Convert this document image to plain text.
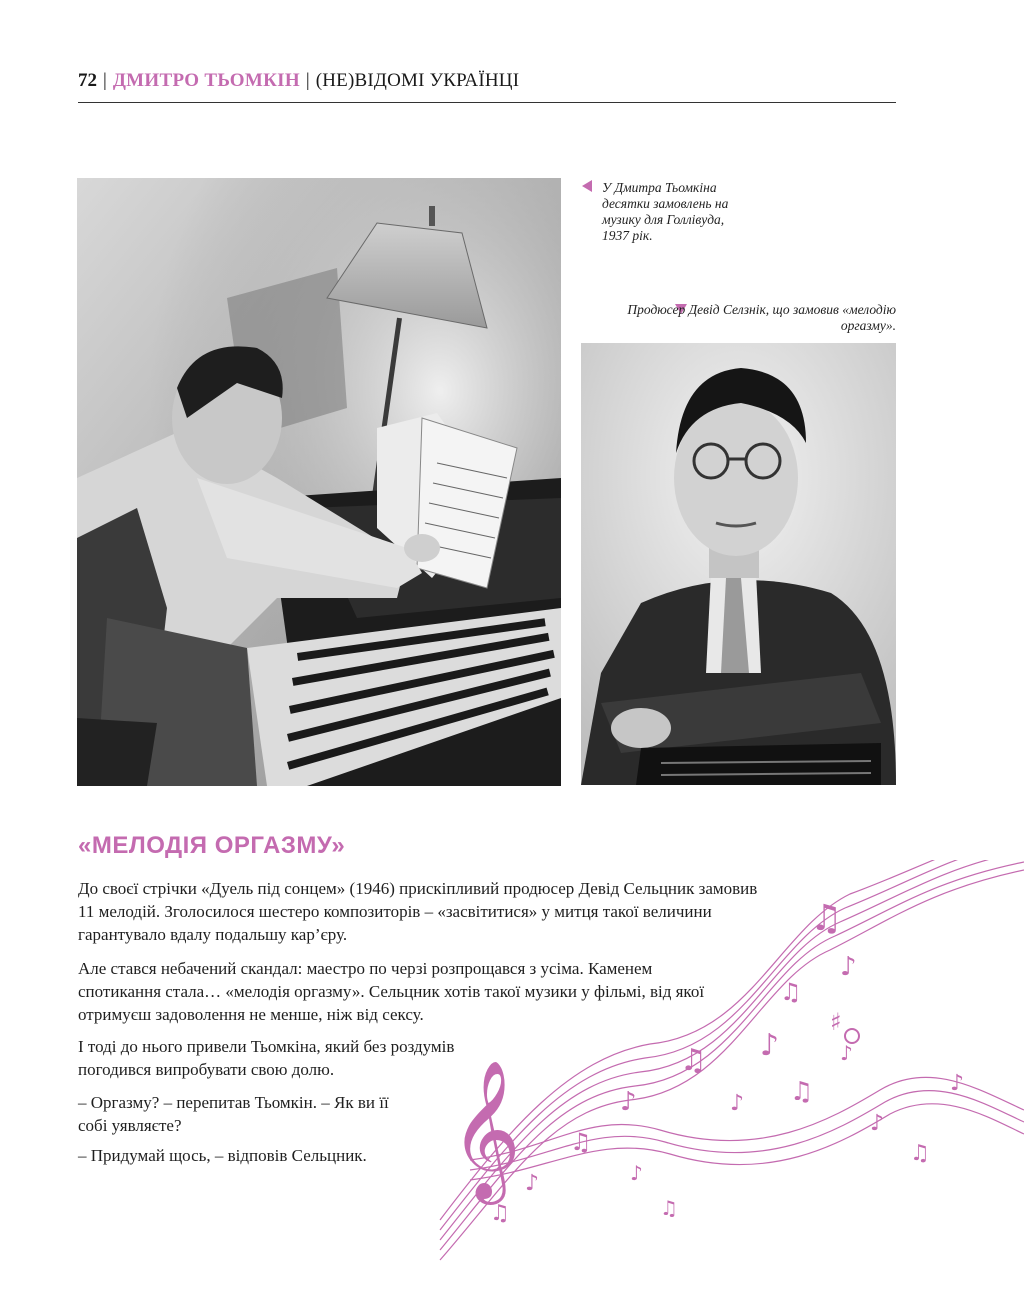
72 | ДМИТРО ТЬОМКІН | (НЕ)ВІДОМІ УКРАЇНЦІ
У Дмитра Тьомкіна десятки замовлень на музику для Голлівуда, 1937 рік.
Продюсер Девід Селзнік, що замовив «мелодію оргазму».
«МЕЛОДІЯ ОРГАЗМУ»

До своєї стрічки «Дуель під сонцем» (1946) прискіпливий продюсер Девід Сельцник замовив 11 мелодій. Зголосилося шестеро композиторів – «засвітитися» у митця такої величини гарантувало вдалу подальшу кар’єру.

Але стався небачений скандал: маестро по черзі розпрощався з усіма. Каменем спотикання стала… «мелодія оргазму». Сельцник хотів такої музики у фільмі, від якої отримуєш задоволення не менше, ніж від сексу.

І тоді до нього привели Тьомкіна, який без роздумів погодився випробувати свою долю.

– Оргазму? – перепитав Тьомкін. – Як ви її собі уявляєте?

– Придумай щось, – відповів Сельцник. 𝄞
♫
♫ ♪
♪
♫
♪
♫
♪ ♫
♪
♫
♯
♪
♫
♪
♫
♪
♪
